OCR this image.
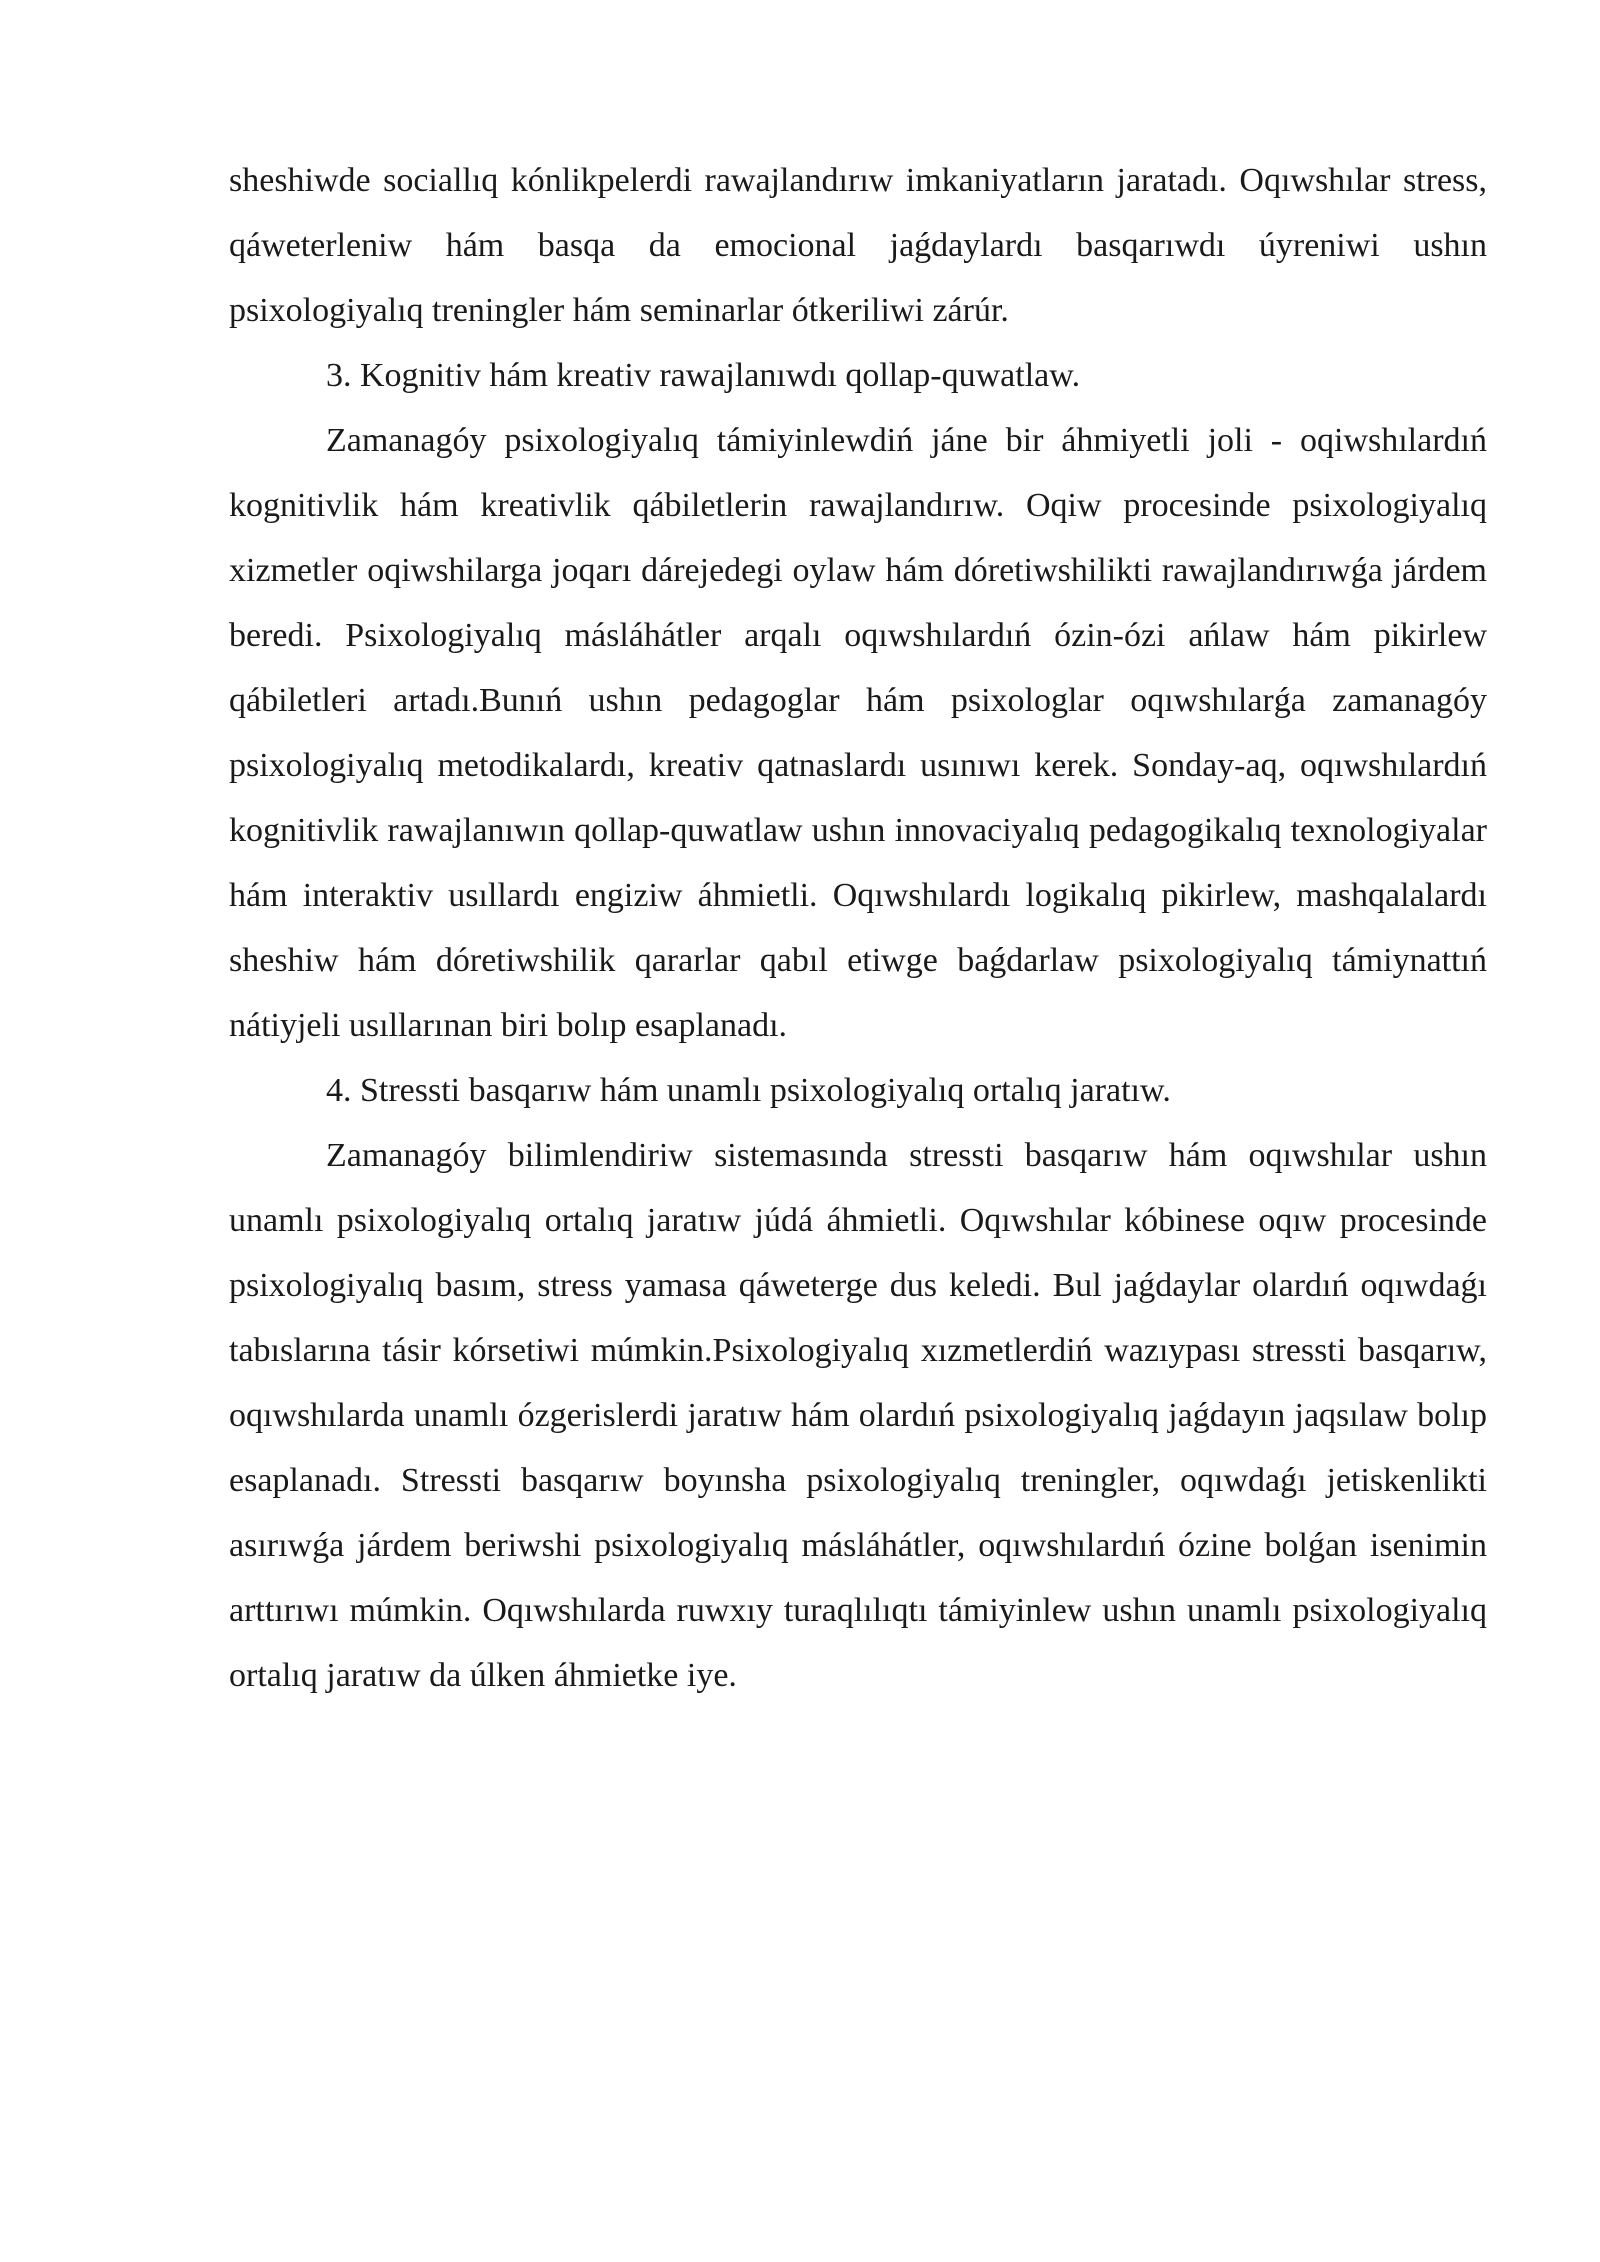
sheshiwde sociallıq kónlikpelerdi rawajlandırıw imkaniyatların jaratadı. Oqıwshılar stress, qáweterleniw hám basqa da emocional jaǵdaylardı basqarıwdı úyreniwi ushın psixologiyalıq treningler hám seminarlar ótkeriliwi zárúr.

3. Kognitiv hám kreativ rawajlanıwdı qollap-quwatlaw.

Zamanagóy psixologiyalıq támiyinlewdiń jáne bir áhmiyetli joli - oqiwshılardıń kognitivlik hám kreativlik qábiletlerin rawajlandırıw. Oqiw procesinde psixologiyalıq xizmetler oqiwshilarga joqarı dárejedegi oylaw hám dóretiwshilikti rawajlandırıwǵa járdem beredi. Psixologiyalıq másláhátler arqalı oqıwshılardıń ózin-ózi ańlaw hám pikirlew qábiletleri artadı.Bunıń ushın pedagoglar hám psixologlar oqıwshılarǵa zamanagóy psixologiyalıq metodikalardı, kreativ qatnaslardı usınıwı kerek. Sonday-aq, oqıwshılardıń kognitivlik rawajlanıwın qollap-quwatlaw ushın innovaciyalıq pedagogikalıq texnologiyalar hám interaktiv usıllardı engiziw áhmietli. Oqıwshılardı logikalıq pikirlew, mashqalalardı sheshiw hám dóretiwshilik qararlar qabıl etiwge baǵdarlaw psixologiyalıq támiynattıń nátiyjeli usıllarınan biri bolıp esaplanadı.

4. Stressti basqarıw hám unamlı psixologiyalıq ortalıq jaratıw.

Zamanagóy bilimlendiriw sistemasında stressti basqarıw hám oqıwshılar ushın unamlı psixologiyalıq ortalıq jaratıw júdá áhmietli. Oqıwshılar kóbinese oqıw procesinde psixologiyalıq basım, stress yamasa qáweterge dus keledi. Bul jaǵdaylar olardıń oqıwdaǵı tabıslarına tásir kórsetiwi múmkin.Psixologiyalıq xızmetlerdiń wazıypası stressti basqarıw, oqıwshılarda unamlı ózgerislerdi jaratıw hám olardıń psixologiyalıq jaǵdayın jaqsılaw bolıp esaplanadı. Stressti basqarıw boyınsha psixologiyalıq treningler, oqıwdaǵı jetiskenlikti asırıwǵa járdem beriwshi psixologiyalıq másláhátler, oqıwshılardıń ózine bolǵan isenimin arttırıwı múmkin. Oqıwshılarda ruwxıy turaqlılıqtı támiyinlew ushın unamlı psixologiyalıq ortalıq jaratıw da úlken áhmietke iye.
